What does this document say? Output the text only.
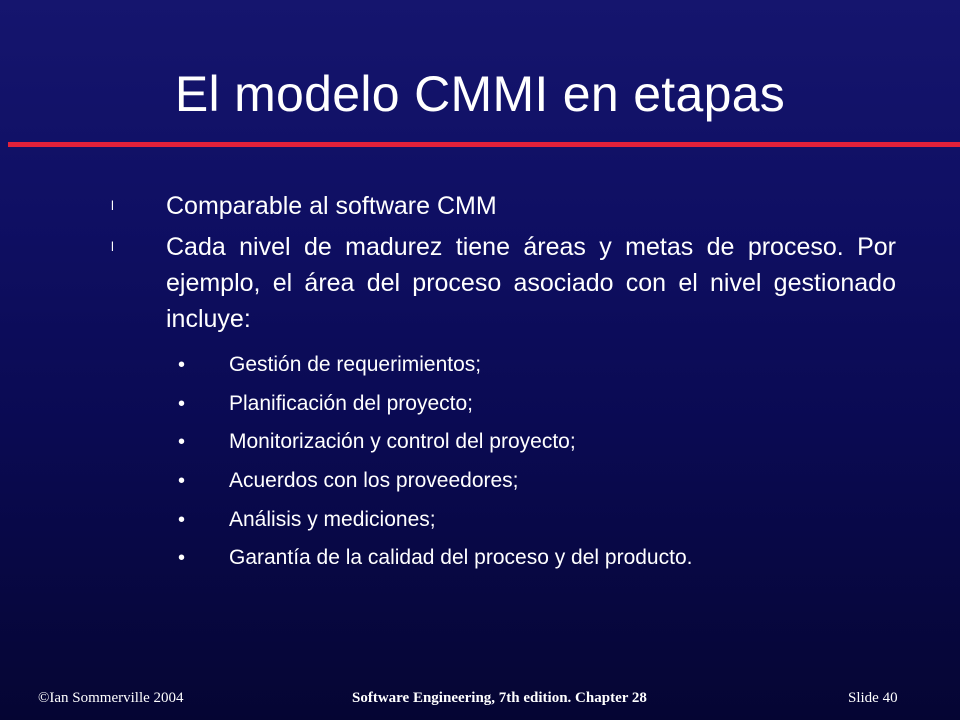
El modelo CMMI en etapas
l Comparable al software CMM
l Cada nivel de madurez tiene áreas y metas de proceso. Por ejemplo, el área del proceso asociado con el nivel gestionado incluye:
• Gestión de requerimientos;
• Planificación del proyecto;
• Monitorización y control del proyecto;
• Acuerdos con los proveedores;
• Análisis y mediciones;
• Garantía de la calidad del proceso y del producto.
©Ian Sommerville 2004	Software Engineering, 7th edition. Chapter 28	Slide 40
